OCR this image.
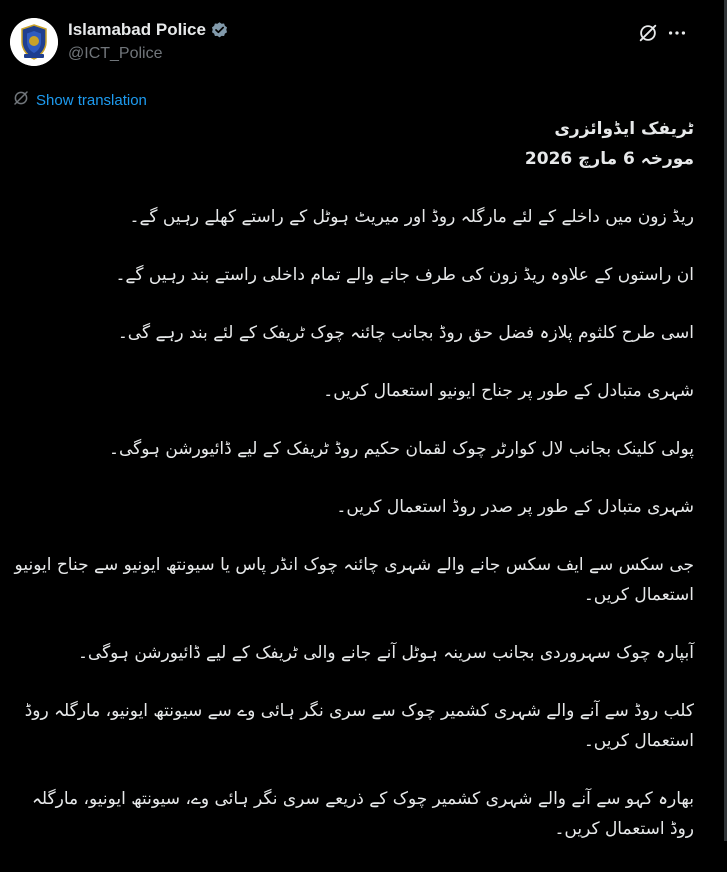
Islamabad Police
@ICT_Police
Show translation

ٹریفک ایڈوائزری

مورخہ 6 مارچ 2026

ریڈ زون میں داخلے کے لئے مارگلہ روڈ اور میریٹ ہوٹل کے راستے کھلے رہیں گے۔

ان راستوں کے علاوہ ریڈ زون کی طرف جانے والے تمام داخلی راستے بند رہیں گے۔

اسی طرح کلثوم پلازہ فضل حق روڈ بجانب چائنہ چوک ٹریفک کے لئے بند رہے گی۔

شہری متبادل کے طور پر جناح ایونیو استعمال کریں۔

پولی کلینک بجانب لال کوارٹر چوک لقمان حکیم روڈ ٹریفک کے لیے ڈائیورشن ہوگی۔

شہری متبادل کے طور پر صدر روڈ استعمال کریں۔

جی سکس سے ایف سکس جانے والے شہری چائنہ چوک انڈر پاس یا سیونتھ ایونیو سے جناح ایونیو استعمال کریں۔

آبپارہ چوک سہروردی بجانب سرینہ ہوٹل آنے جانے والی ٹریفک کے لیے ڈائیورشن ہوگی۔

کلب روڈ سے آنے والے شہری کشمیر چوک سے سری نگر ہائی وے سے سیونتھ ایونیو، مارگلہ روڈ استعمال کریں۔

بھارہ کہو سے آنے والے شہری کشمیر چوک کے ذریعے سری نگر ہائی وے، سیونتھ ایونیو، مارگلہ روڈ استعمال کریں۔
